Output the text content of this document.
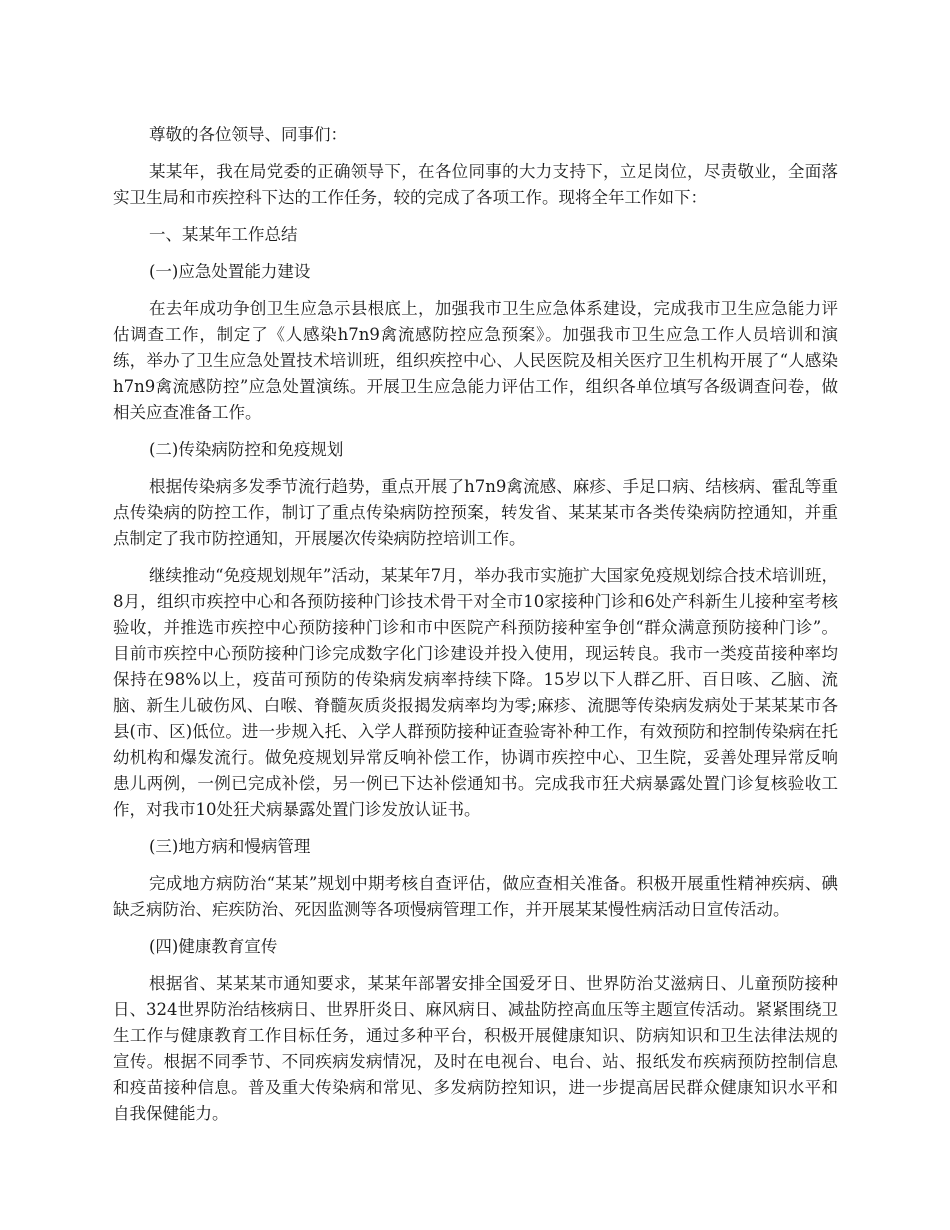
尊敬的各位领导、同事们：

某某年，我在局党委的正确领导下，在各位同事的大力支持下，立足岗位，尽责敬业，全面落实卫生局和市疾控科下达的工作任务，较的完成了各项工作。现将全年工作如下：

一、某某年工作总结

(一)应急处置能力建设

在去年成功争创卫生应急示县根底上，加强我市卫生应急体系建设，完成我市卫生应急能力评估调查工作，制定了《人感染h7n9禽流感防控应急预案》。加强我市卫生应急工作人员培训和演练，举办了卫生应急处置技术培训班，组织疾控中心、人民医院及相关医疗卫生机构开展了“人感染h7n9禽流感防控”应急处置演练。开展卫生应急能力评估工作，组织各单位填写各级调查问卷，做相关应查准备工作。

(二)传染病防控和免疫规划

根据传染病多发季节流行趋势，重点开展了h7n9禽流感、麻疹、手足口病、结核病、霍乱等重点传染病的防控工作，制订了重点传染病防控预案，转发省、某某某市各类传染病防控通知，并重点制定了我市防控通知，开展屡次传染病防控培训工作。

继续推动“免疫规划规年”活动，某某年7月，举办我市实施扩大国家免疫规划综合技术培训班，8月，组织市疾控中心和各预防接种门诊技术骨干对全市10家接种门诊和6处产科新生儿接种室考核验收，并推选市疾控中心预防接种门诊和市中医院产科预防接种室争创“群众满意预防接种门诊”。目前市疾控中心预防接种门诊完成数字化门诊建设并投入使用，现运转良。我市一类疫苗接种率均保持在98%以上，疫苗可预防的传染病发病率持续下降。15岁以下人群乙肝、百日咳、乙脑、流脑、新生儿破伤风、白喉、脊髓灰质炎报揭发病率均为零;麻疹、流腮等传染病发病处于某某某市各县(市、区)低位。进一步规入托、入学人群预防接种证查验寄补种工作，有效预防和控制传染病在托幼机构和爆发流行。做免疫规划异常反响补偿工作，协调市疾控中心、卫生院，妥善处理异常反响患儿两例，一例已完成补偿，另一例已下达补偿通知书。完成我市狂犬病暴露处置门诊复核验收工作，对我市10处狂犬病暴露处置门诊发放认证书。

(三)地方病和慢病管理

完成地方病防治“某某”规划中期考核自查评估，做应查相关准备。积极开展重性精神疾病、碘缺乏病防治、疟疾防治、死因监测等各项慢病管理工作，并开展某某慢性病活动日宣传活动。

(四)健康教育宣传

根据省、某某某市通知要求，某某年部署安排全国爱牙日、世界防治艾滋病日、儿童预防接种日、324世界防治结核病日、世界肝炎日、麻风病日、减盐防控高血压等主题宣传活动。紧紧围绕卫生工作与健康教育工作目标任务，通过多种平台，积极开展健康知识、防病知识和卫生法律法规的宣传。根据不同季节、不同疾病发病情况，及时在电视台、电台、站、报纸发布疾病预防控制信息和疫苗接种信息。普及重大传染病和常见、多发病防控知识，进一步提高居民群众健康知识水平和自我保健能力。
